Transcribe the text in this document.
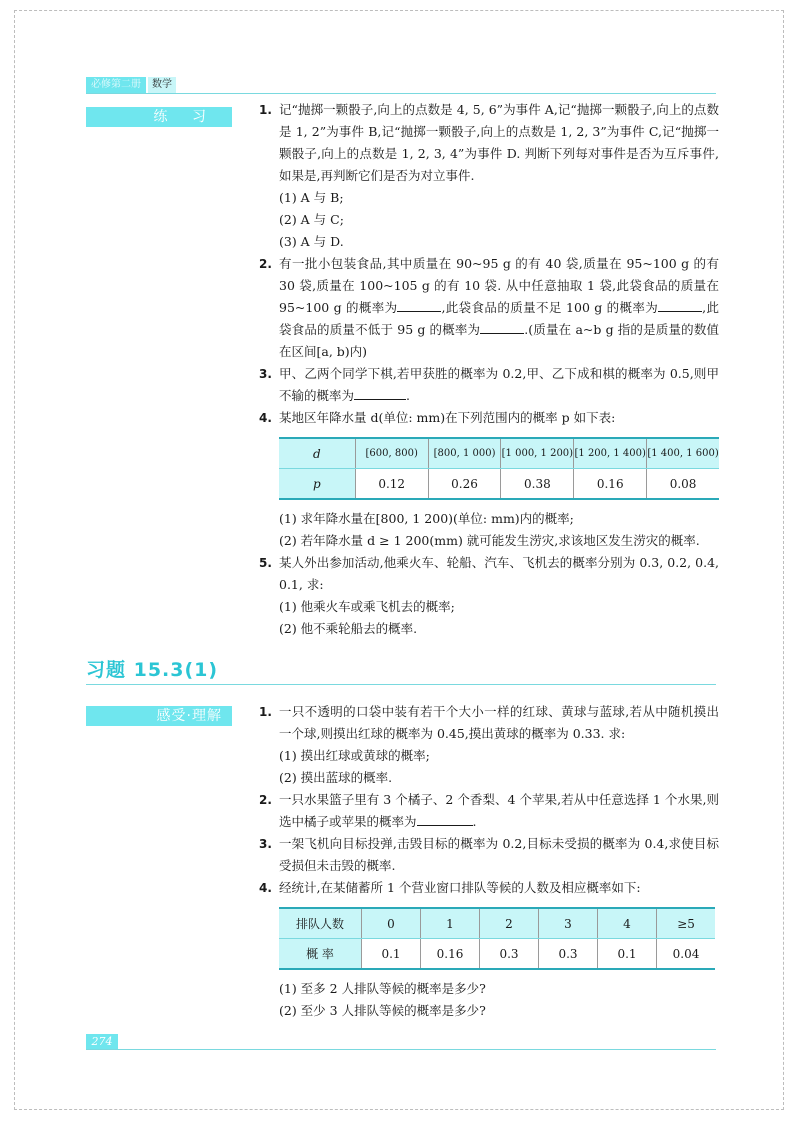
必修第二册 数学
练 习	1. 记“抛掷一颗骰子,向上的点数是 4, 5, 6”为事件 A,记“抛掷一颗骰子,向上的点数是 1, 2”为事件 B,记“抛掷一颗骰子,向上的点数是 1, 2, 3”为事件 C,记“抛掷一颗骰子,向上的点数是 1, 2, 3, 4”为事件 D. 判断下列每对事件是否为互斥事件,如果是,再判断它们是否为对立事件.
(1) A 与 B;
(2) A 与 C;
(3) A 与 D.
2. 有一批小包装食品,其中质量在 90~95 g 的有 40 袋,质量在 95~100 g 的有 30 袋,质量在 100~105 g 的有 10 袋. 从中任意抽取 1 袋,此袋食品的质量在 95~100 g 的概率为	,此袋食品的质量不足 100 g 的概率为	,此袋食品的质量不低于 95 g 的概率为	.(质量在 a~b g 指的是质量的数值在区间[a, b)内)
3. 甲、乙两个同学下棋,若甲获胜的概率为 0.2,甲、乙下成和棋的概率为 0.5,则甲不输的概率为	.
4. 某地区年降水量 d(单位: mm)在下列范围内的概率 p 如下表:
d	[600, 800)	[800, 1 000)	[1 000, 1 200)	[1 200, 1 400)	[1 400, 1 600)
p	0.12	0.26	0.38	0.16	0.08
(1) 求年降水量在[800, 1 200)(单位: mm)内的概率;
(2) 若年降水量 d ≥ 1 200(mm) 就可能发生涝灾,求该地区发生涝灾的概率.
5. 某人外出参加活动,他乘火车、轮船、汽车、飞机去的概率分别为 0.3, 0.2, 0.4, 0.1, 求:
(1) 他乘火车或乘飞机去的概率;
(2) 他不乘轮船去的概率.
习题 15.3(1)
感受·理解	1. 一只不透明的口袋中装有若干个大小一样的红球、黄球与蓝球,若从中随机摸出一个球,则摸出红球的概率为 0.45,摸出黄球的概率为 0.33. 求:
(1) 摸出红球或黄球的概率;
(2) 摸出蓝球的概率.
2. 一只水果篮子里有 3 个橘子、2 个香梨、4 个苹果,若从中任意选择 1 个水果,则选中橘子或苹果的概率为	.
3. 一架飞机向目标投弹,击毁目标的概率为 0.2,目标未受损的概率为 0.4,求使目标受损但未击毁的概率.
4. 经统计,在某储蓄所 1 个营业窗口排队等候的人数及相应概率如下:
排队人数	0	1	2	3	4	≥5
概 率	0.1	0.16	0.3	0.3	0.1	0.04
(1) 至多 2 人排队等候的概率是多少?
(2) 至少 3 人排队等候的概率是多少?
274
